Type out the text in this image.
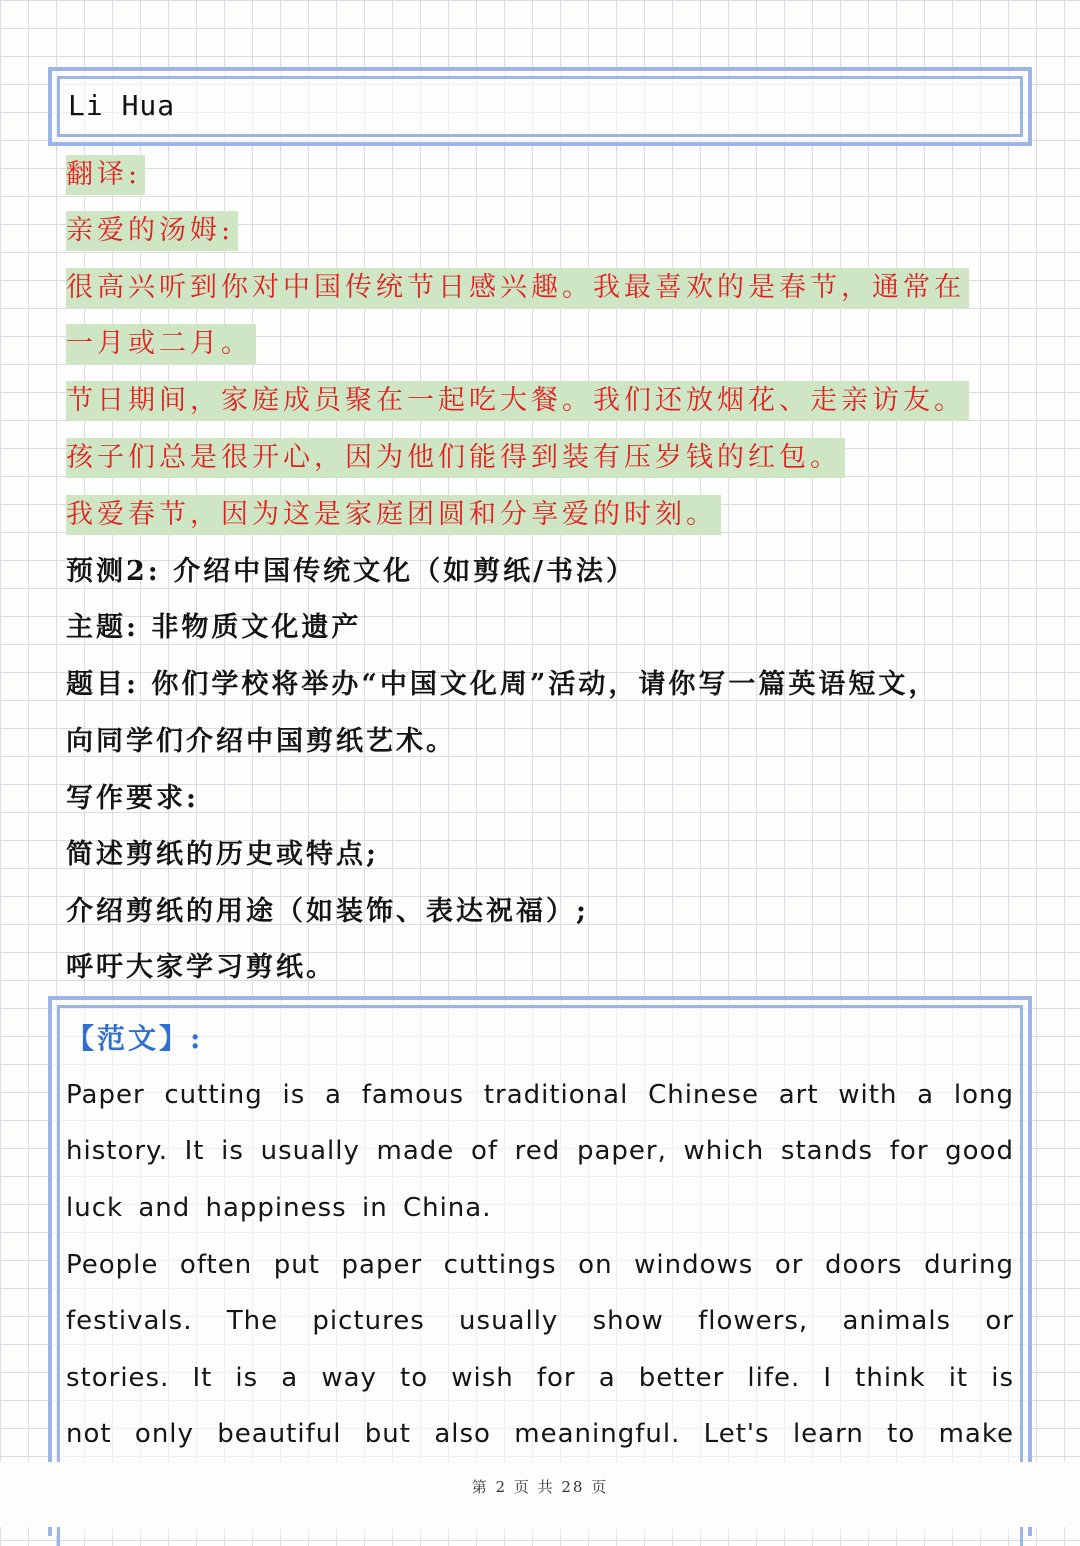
Li Hua
翻译:
亲爱的汤姆:
很高兴听到你对中国传统节日感兴趣。我最喜欢的是春节，通常在
一月或二月。
节日期间，家庭成员聚在一起吃大餐。我们还放烟花、走亲访友。
孩子们总是很开心，因为他们能得到装有压岁钱的红包。
我爱春节，因为这是家庭团圆和分享爱的时刻。
预测2: 介绍中国传统文化（如剪纸/书法）
主题: 非物质文化遗产
题目: 你们学校将举办“中国文化周”活动，请你写一篇英语短文，
向同学们介绍中国剪纸艺术。
写作要求:
简述剪纸的历史或特点;
介绍剪纸的用途（如装饰、表达祝福）;
呼吁大家学习剪纸。
【范文】:
Paper cutting is a famous traditional Chinese art with a long
history. It is usually made of red paper, which stands for good
luck and happiness in China.
People often put paper cuttings on windows or doors during
festivals. The pictures usually show flowers, animals or
stories. It is a way to wish for a better life. I think it is
not only beautiful but also meaningful. Let's learn to make
第 2 页 共 28 页
